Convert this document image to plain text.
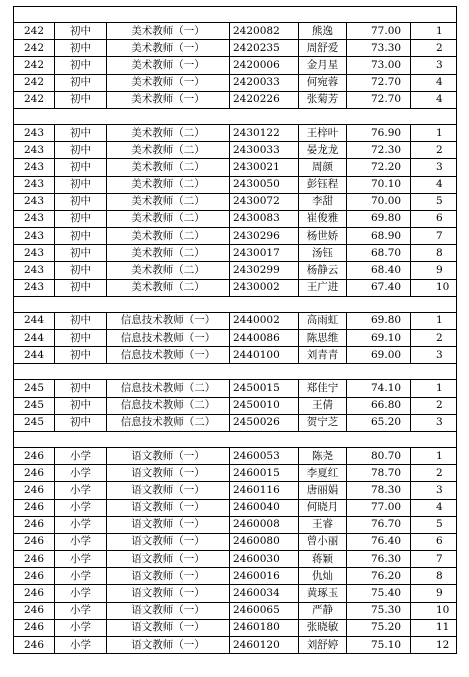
242	初中	美术教师（一）	2420082	熊逸	77.00	1
242	初中	美术教师（一）	2420235	周舒爱	73.30	2
242	初中	美术教师（一）	2420006	金月星	73.00	3
242	初中	美术教师（一）	2420033	何宛蓉	72.70	4
242	初中	美术教师（一）	2420226	张菊芳	72.70	4

243	初中	美术教师（二）	2430122	王梓叶	76.90	1
243	初中	美术教师（二）	2430033	晏龙龙	72.30	2
243	初中	美术教师（二）	2430021	周颜	72.20	3
243	初中	美术教师（二）	2430050	彭钰程	70.10	4
243	初中	美术教师（二）	2430072	李甜	70.00	5
243	初中	美术教师（二）	2430083	崔俊雅	69.80	6
243	初中	美术教师（二）	2430296	杨世娇	68.90	7
243	初中	美术教师（二）	2430017	汤钰	68.70	8
243	初中	美术教师（二）	2430299	杨静云	68.40	9
243	初中	美术教师（二）	2430002	王广进	67.40	10

244	初中	信息技术教师（一）	2440002	高雨虹	69.80	1
244	初中	信息技术教师（一）	2440086	陈思维	69.10	2
244	初中	信息技术教师（一）	2440100	刘青青	69.00	3

245	初中	信息技术教师（二）	2450015	郑佳宁	74.10	1
245	初中	信息技术教师（二）	2450010	王倩	66.80	2
245	初中	信息技术教师（二）	2450026	贺宁芝	65.20	3

246	小学	语文教师（一）	2460053	陈尧	80.70	1
246	小学	语文教师（一）	2460015	李夏红	78.70	2
246	小学	语文教师（一）	2460116	唐丽娟	78.30	3
246	小学	语文教师（一）	2460040	何晓月	77.00	4
246	小学	语文教师（一）	2460008	王睿	76.70	5
246	小学	语文教师（一）	2460080	曾小丽	76.40	6
246	小学	语文教师（一）	2460030	蒋颖	76.30	7
246	小学	语文教师（一）	2460016	仇灿	76.20	8
246	小学	语文教师（一）	2460034	黄琢玉	75.40	9
246	小学	语文教师（一）	2460065	严静	75.30	10
246	小学	语文教师（一）	2460180	张晓敏	75.20	11
246	小学	语文教师（一）	2460120	刘舒婷	75.10	12
